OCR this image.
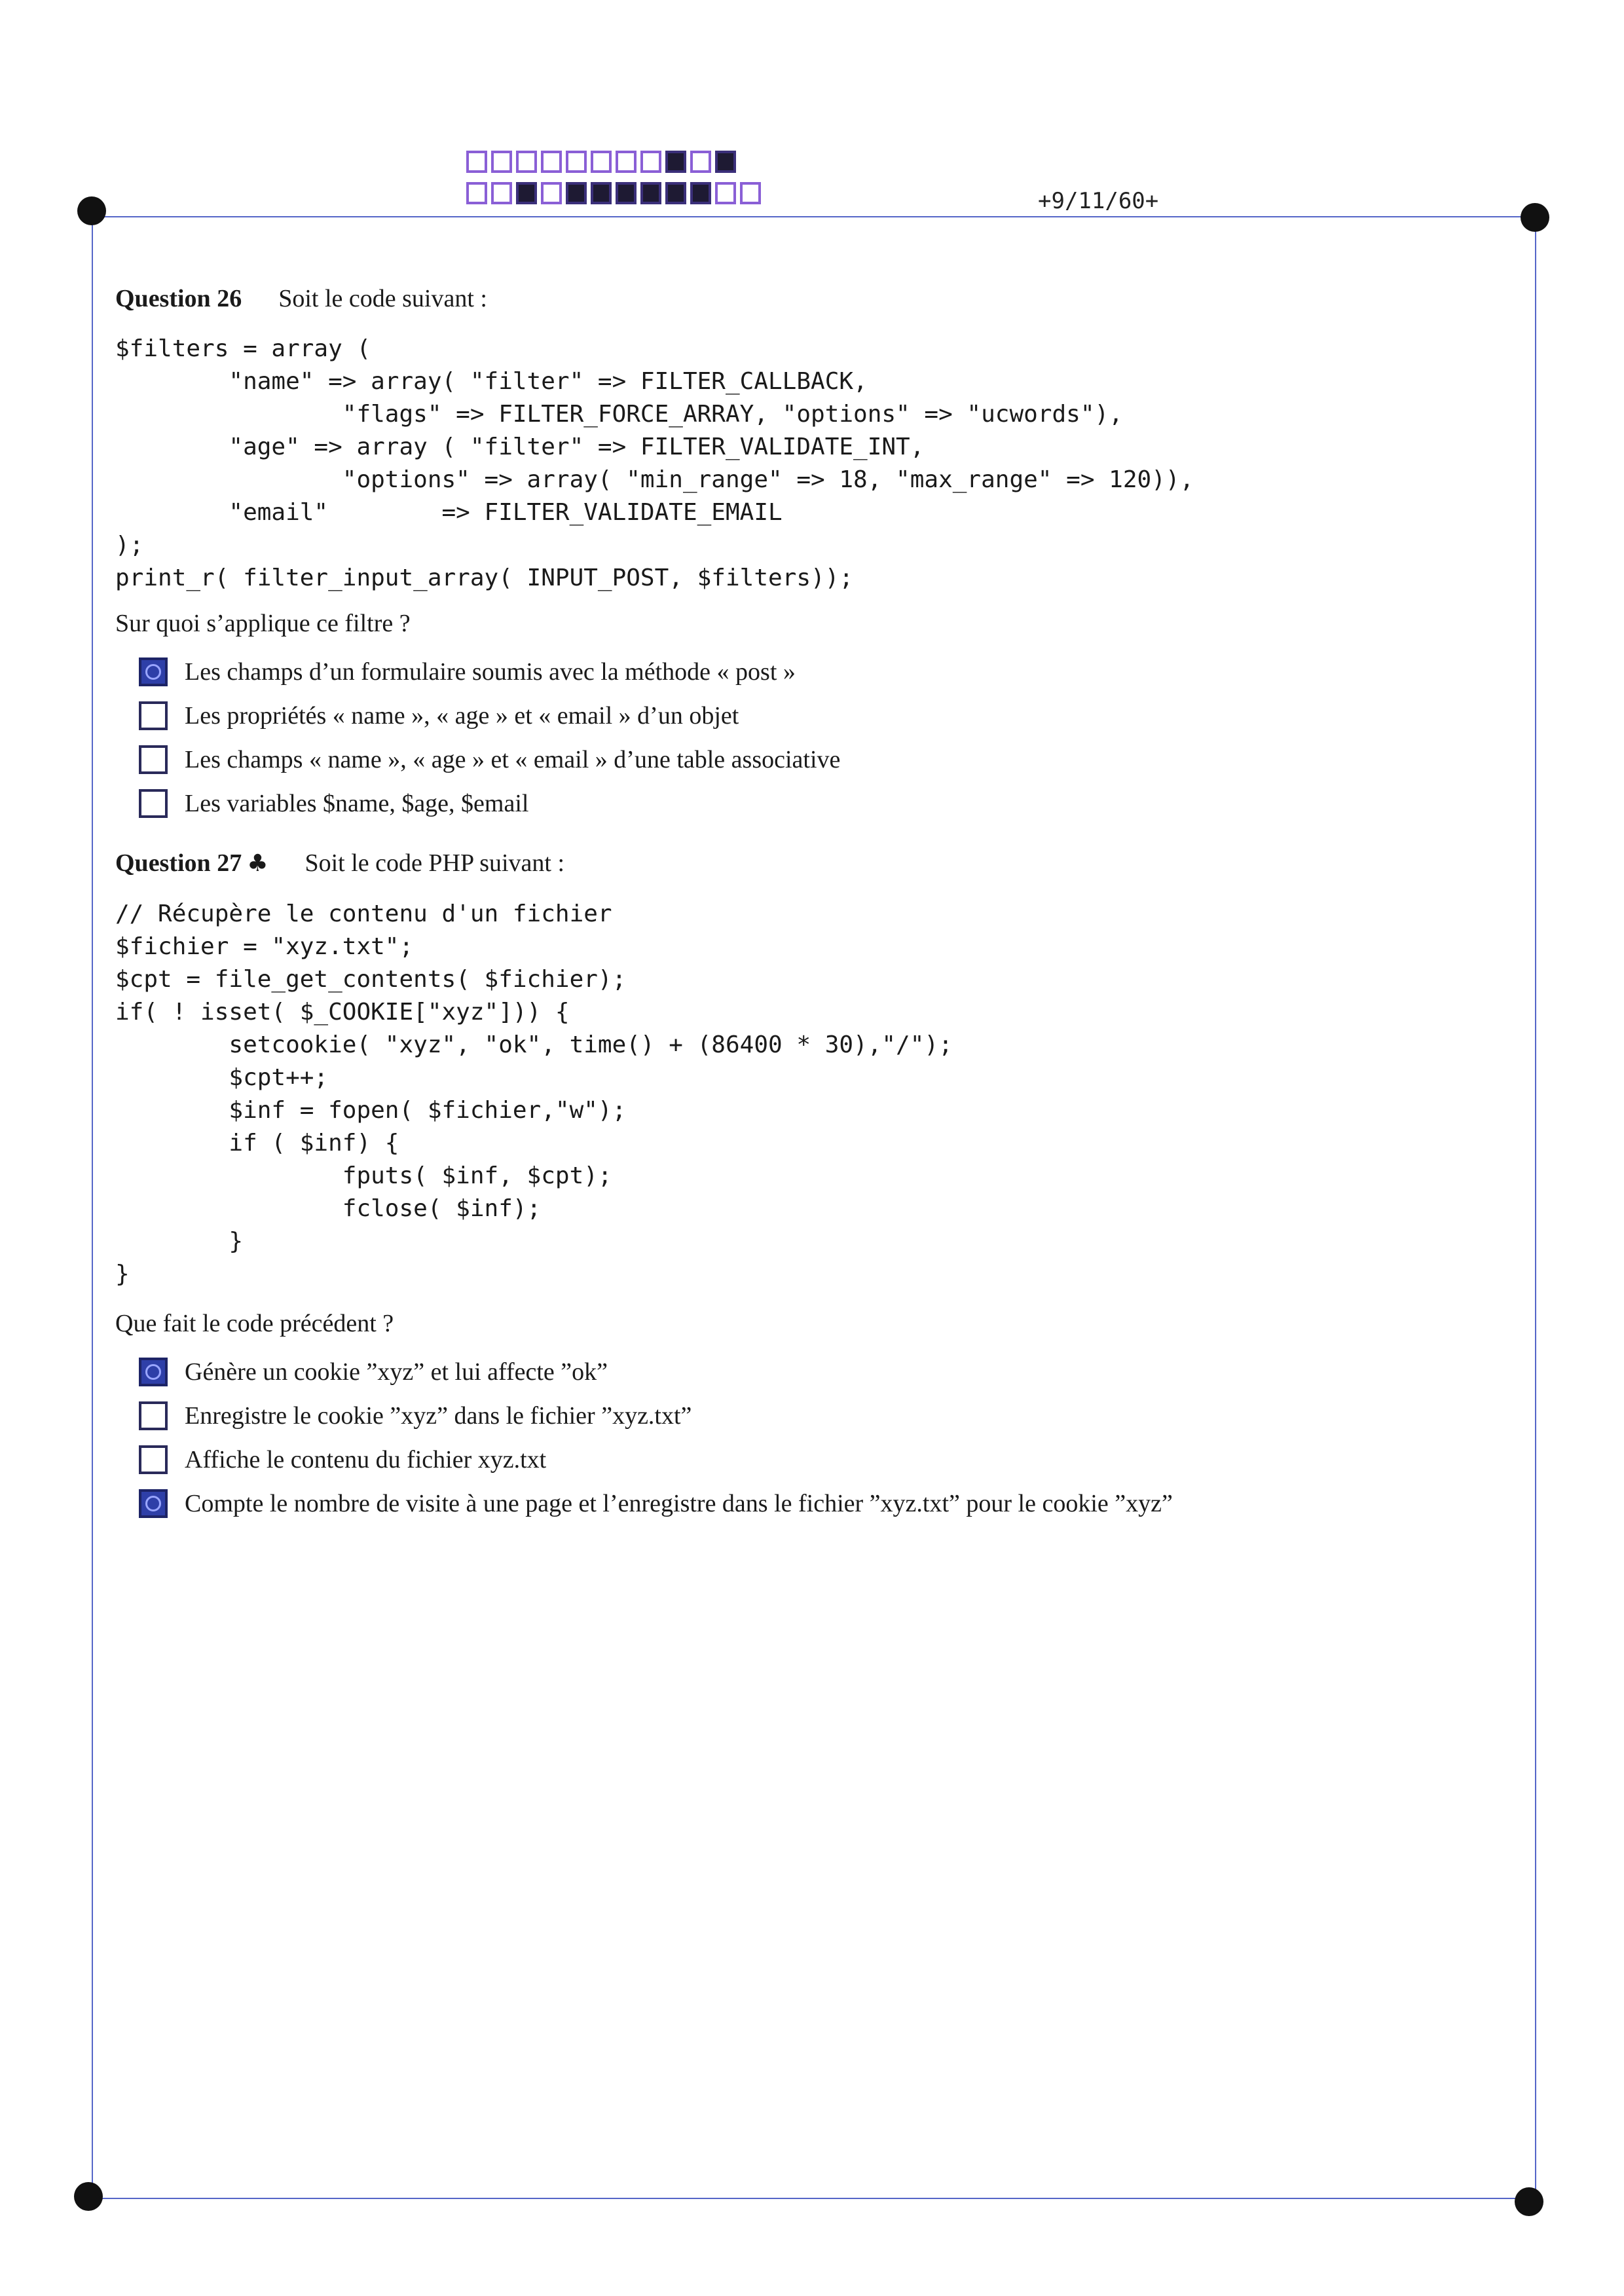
+9/11/60+

Question 26 Soit le code suivant :

$filters = array (
"name" => array( "filter" => FILTER_CALLBACK,
"flags" => FILTER_FORCE_ARRAY, "options" => "ucwords"),
"age" => array ( "filter" => FILTER_VALIDATE_INT,
"options" => array( "min_range" => 18, "max_range" => 120)),
"email"        => FILTER_VALIDATE_EMAIL
);
print_r( filter_input_array( INPUT_POST, $filters));

Sur quoi s’applique ce filtre ?

Les champs d’un formulaire soumis avec la méthode « post »
Les propriétés « name », « age » et « email » d’un objet
Les champs « name », « age » et « email » d’une table associative
Les variables $name, $age, $email

Question 27 ♣ Soit le code PHP suivant :

// Récupère le contenu d'un fichier
$fichier = "xyz.txt";
$cpt = file_get_contents( $fichier);
if( ! isset( $_COOKIE["xyz"])) {
setcookie( "xyz", "ok", time() + (86400 * 30),"/");
$cpt++;
$inf = fopen( $fichier,"w");
if ( $inf) {
fputs( $inf, $cpt);
fclose( $inf);
}
}

Que fait le code précédent ?

Génère un cookie ”xyz” et lui affecte ”ok”
Enregistre le cookie ”xyz” dans le fichier ”xyz.txt”
Affiche le contenu du fichier xyz.txt
Compte le nombre de visite à une page et l’enregistre dans le fichier ”xyz.txt” pour le cookie ”xyz”
